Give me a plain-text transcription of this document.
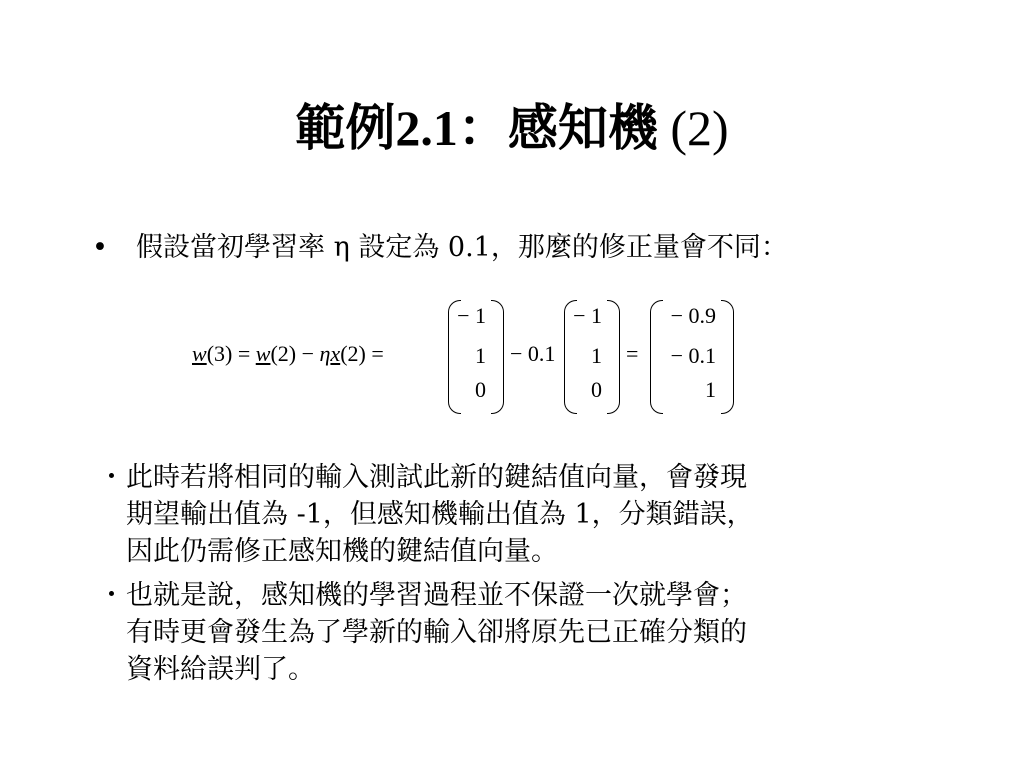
範例2.1：感知機 (2)
• 假設當初學習率 η 設定為 0.1，那麼的修正量會不同：
w(3) = w(2) − ηx(2) =
− 1
1
0
− 0.1
− 1
1
0
=
− 0.9
− 0.1
1
・ 此時若將相同的輸入測試此新的鍵結值向量，會發現
期望輸出值為 -1，但感知機輸出值為 1，分類錯誤，
因此仍需修正感知機的鍵結值向量。
・ 也就是說，感知機的學習過程並不保證一次就學會；
有時更會發生為了學新的輸入卻將原先已正確分類的
資料給誤判了。
